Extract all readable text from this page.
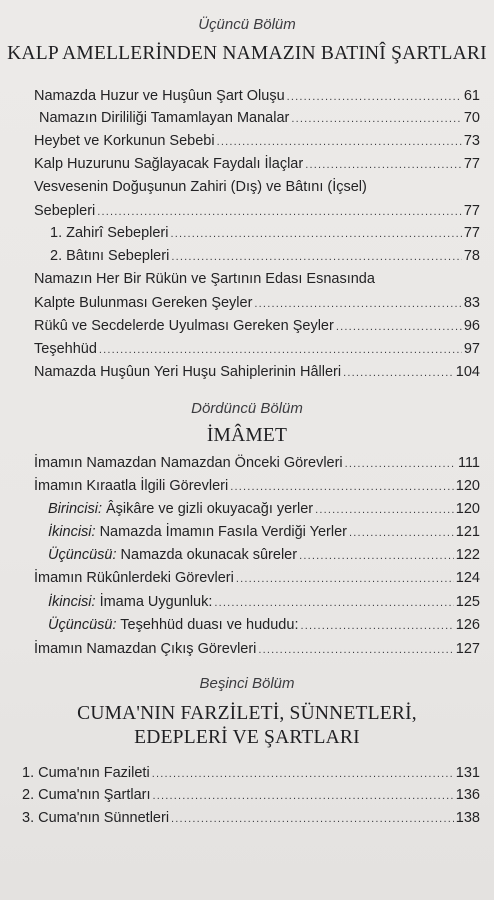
Üçüncü Bölüm
KALP AMELLERİNDEN NAMAZIN BATINÎ ŞARTLARI
Namazda Huzur ve Huşûun Şart Oluşu .....	61
Namazın Dirililiği Tamamlayan Manalar .....	70
Heybet ve Korkunun Sebebi .....	73
Kalp Huzurunu Sağlayacak Faydalı İlaçlar .....	77
Vesvesenin Doğuşunun Zahiri (Dış) ve Bâtını (İçsel)
Sebepleri .....	77
1. Zahirî Sebepleri .....	77
2. Bâtını Sebepleri .....	78
Namazın Her Bir Rükün ve Şartının Edası Esnasında
Kalpte Bulunması Gereken Şeyler .....	83
Rükû ve Secdelerde Uyulması Gereken Şeyler .....	96
Teşehhüd .....	97
Namazda Huşûun Yeri Huşu Sahiplerinin Hâlleri .....	104
Dördüncü Bölüm
İMÂMET
İmamın Namazdan Namazdan Önceki Görevleri .....	111
İmamın Kıraatla İlgili Görevleri .....	120
Birincisi: Âşikâre ve gizli okuyacağı yerler .....	120
İkincisi: Namazda İmamın Fasıla Verdiği Yerler .....	121
Üçüncüsü: Namazda okunacak sûreler .....	122
İmamın Rükûnlerdeki Görevleri .....	124
İkincisi: İmama Uygunluk: .....	125
Üçüncüsü: Teşehhüd duası ve hududu: .....	126
İmamın Namazdan Çıkış Görevleri .....	127
Beşinci Bölüm
CUMA'NIN FARZİLETİ, SÜNNETLERİ,
EDEPLERİ VE ŞARTLARI
1. Cuma'nın Fazileti .....	131
2. Cuma'nın Şartları .....	136
3. Cuma'nın Sünnetleri .....	138
